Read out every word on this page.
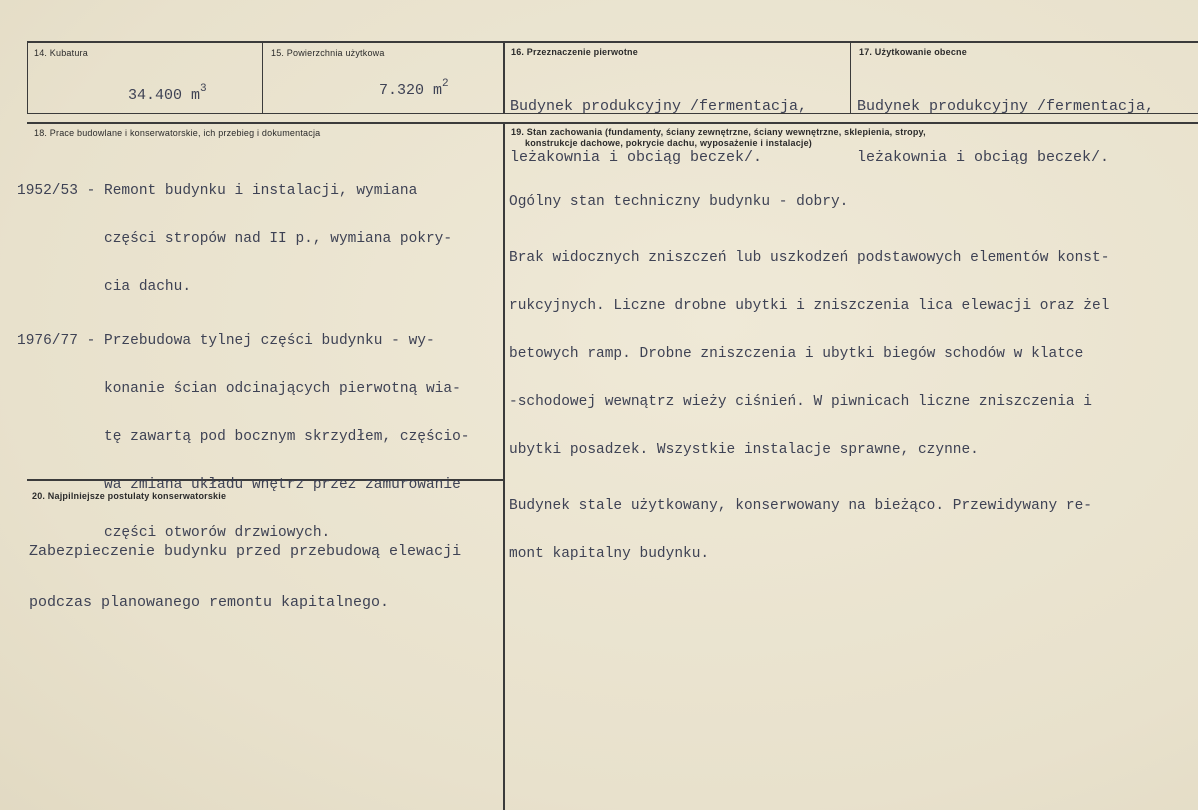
14. Kubatura

34.400 $m^3$

15. Powierzchnia użytkowa

7.320 $m^2$

16. Przeznaczenie pierwotne

Budynek produkcyjny /fermentacja,

leżakownia i obciąg beczek/.

17. Użytkowanie obecne

Budynek produkcyjny /fermentacja,

leżakownia i obciąg beczek/.

18. Prace budowlane i konserwatorskie, ich przebieg i dokumentacja

1952/53 - Remont budynku i instalacji, wymiana

części stropów nad II p., wymiana pokry-

cia dachu.

1976/77 - Przebudowa tylnej części budynku - wy-

konanie ścian odcinających pierwotną wia-

tę zawartą pod bocznym skrzydłem, częścio-

wa zmiana układu wnętrz przez zamurowanie

części otworów drzwiowych.

19. Stan zachowania (fundamenty, ściany zewnętrzne, ściany wewnętrzne, sklepienia, stropy,
konstrukcje dachowe, pokrycie dachu, wyposażenie i instalacje)

Ogólny stan techniczny budynku - dobry.

Brak widocznych zniszczeń lub uszkodzeń podstawowych elementów konst-

rukcyjnych. Liczne drobne ubytki i zniszczenia lica elewacji oraz żel

betowych ramp. Drobne zniszczenia i ubytki biegów schodów w klatce

-schodowej wewnątrz wieży ciśnień. W piwnicach liczne zniszczenia i

ubytki posadzek. Wszystkie instalacje sprawne, czynne.

Budynek stale użytkowany, konserwowany na bieżąco. Przewidywany re-

mont kapitalny budynku.

20. Najpilniejsze postulaty konserwatorskie

Zabezpieczenie budynku przed przebudową elewacji

podczas planowanego remontu kapitalnego.
